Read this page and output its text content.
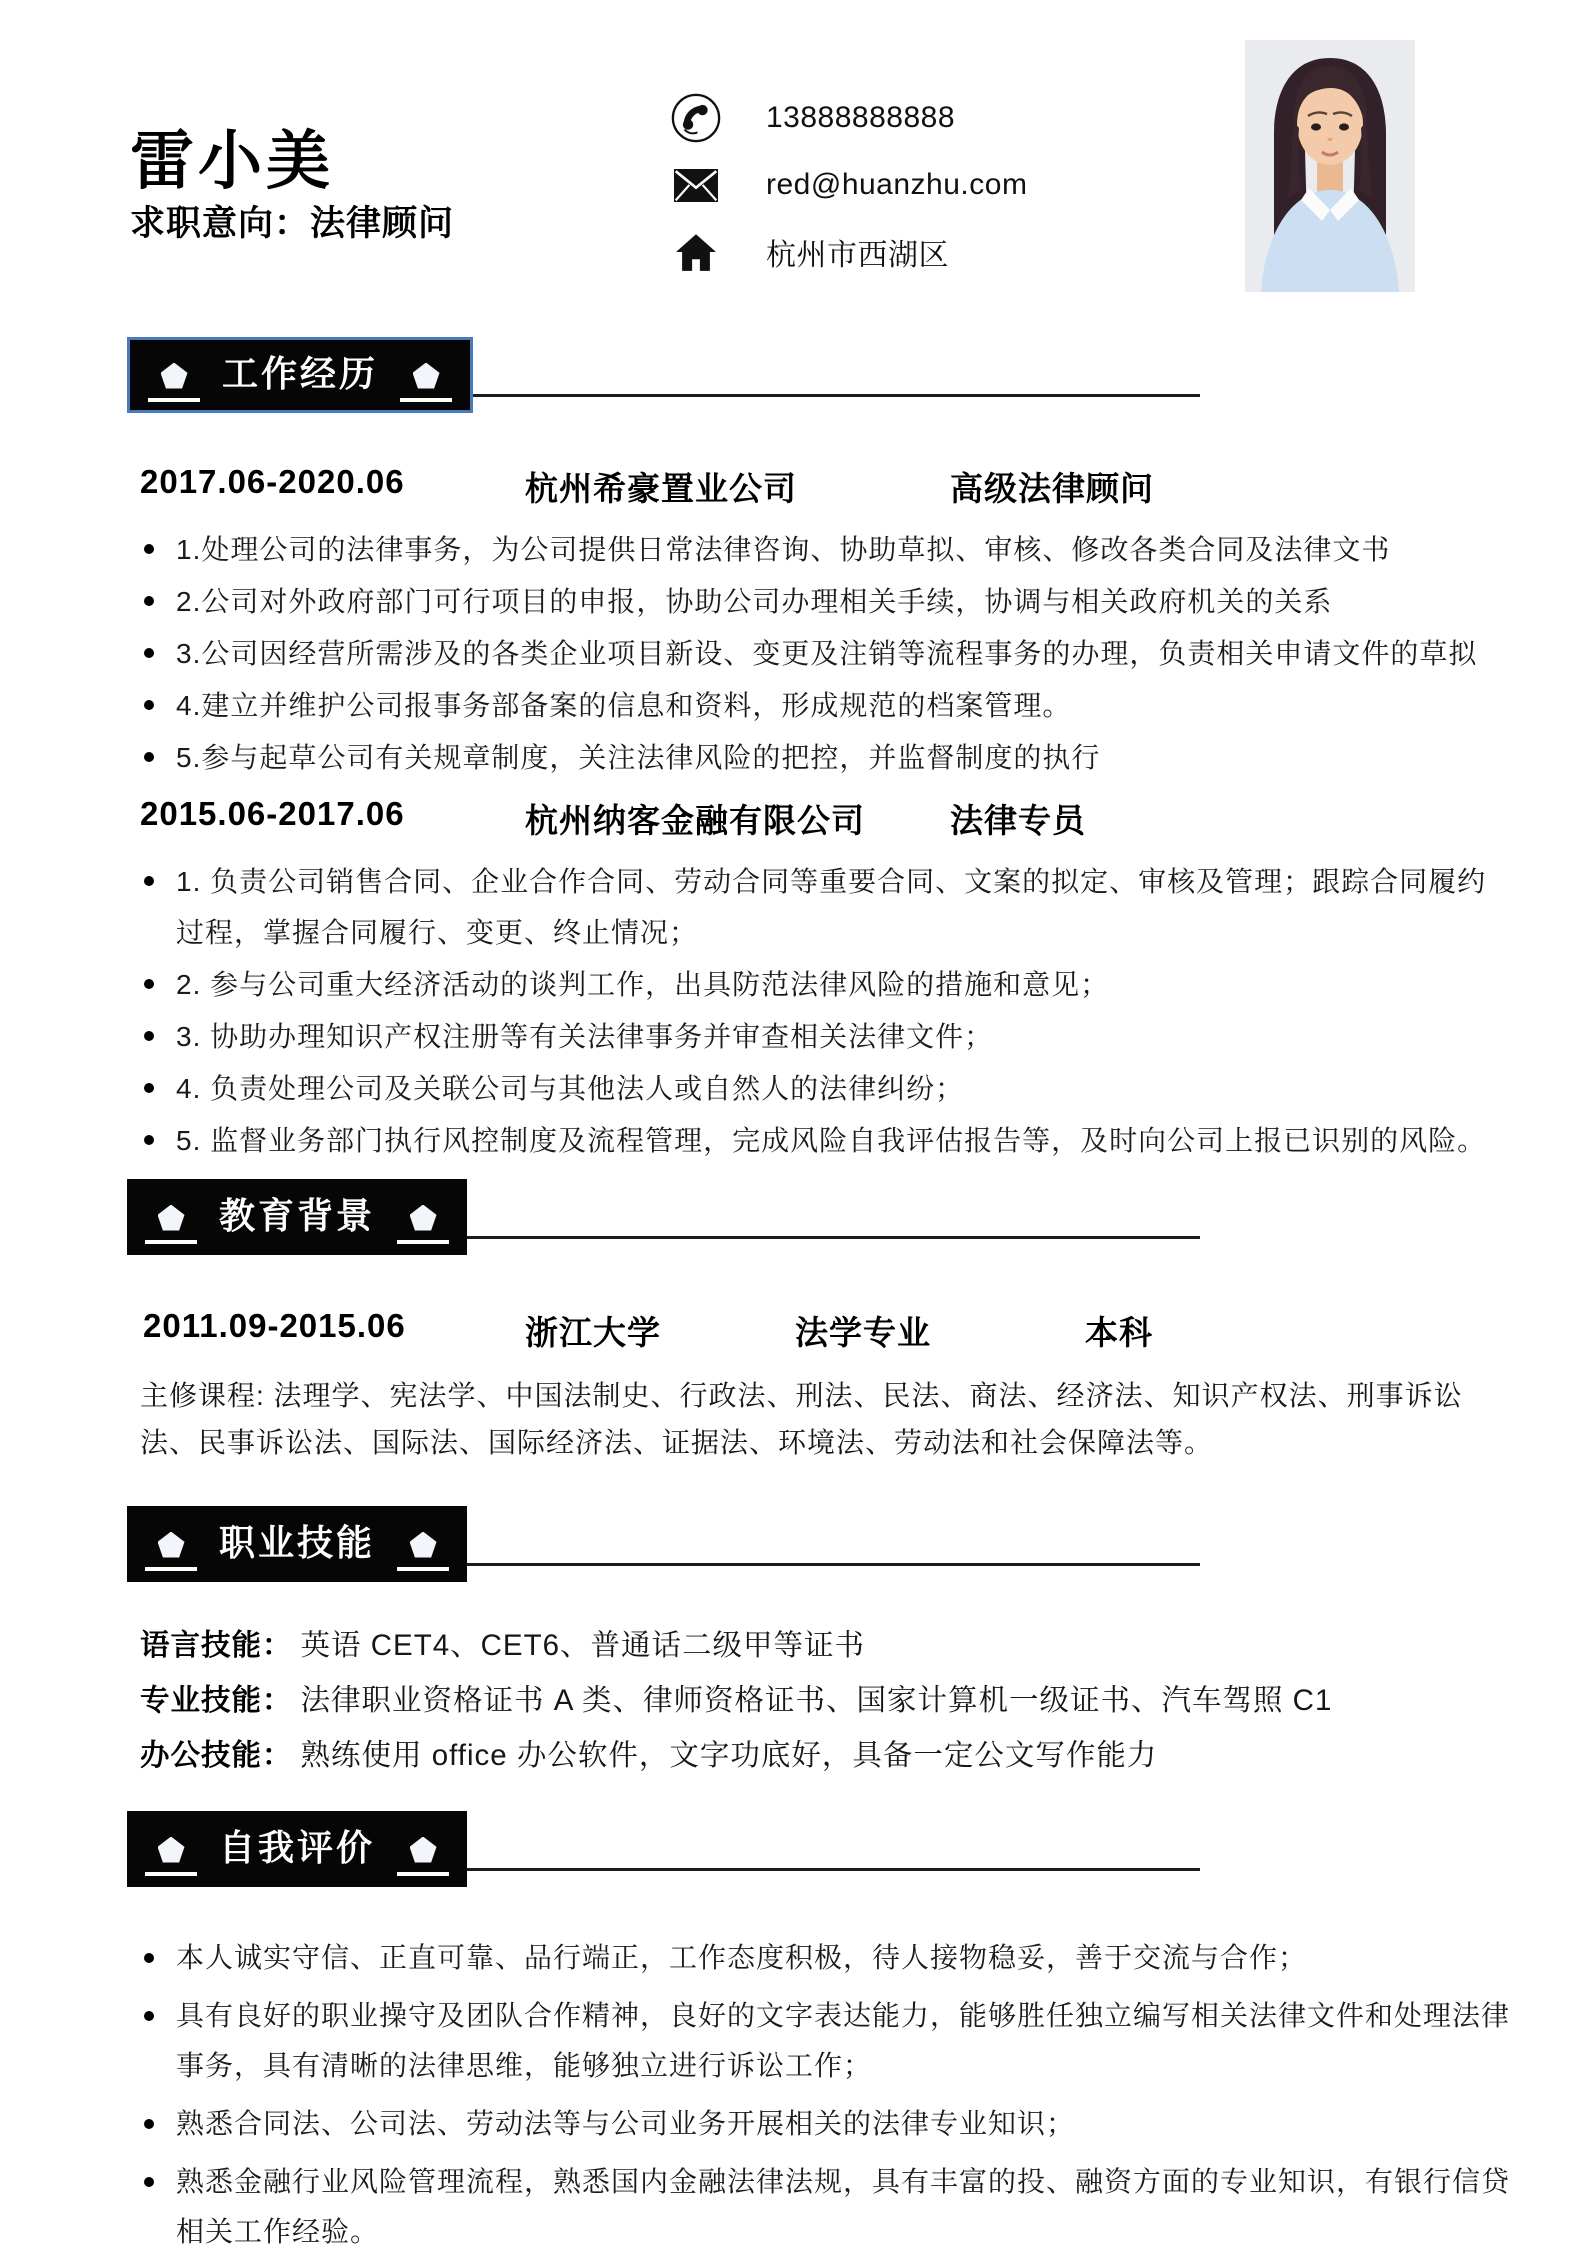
雷小美
求职意向：法律顾问
13888888888
red@huanzhu.com
杭州市西湖区
工作经历
2017.06-2020.06	杭州希豪置业公司	高级法律顾问
1.处理公司的法律事务，为公司提供日常法律咨询、协助草拟、审核、修改各类合同及法律文书
2.公司对外政府部门可行项目的申报，协助公司办理相关手续，协调与相关政府机关的关系
3.公司因经营所需涉及的各类企业项目新设、变更及注销等流程事务的办理，负责相关申请文件的草拟
4.建立并维护公司报事务部备案的信息和资料，形成规范的档案管理。
5.参与起草公司有关规章制度，关注法律风险的把控，并监督制度的执行
2015.06-2017.06	杭州纳客金融有限公司	法律专员
1. 负责公司销售合同、企业合作合同、劳动合同等重要合同、文案的拟定、审核及管理；跟踪合同履约过程，掌握合同履行、变更、终止情况；
2. 参与公司重大经济活动的谈判工作，出具防范法律风险的措施和意见；
3. 协助办理知识产权注册等有关法律事务并审查相关法律文件；
4. 负责处理公司及关联公司与其他法人或自然人的法律纠纷；
5. 监督业务部门执行风控制度及流程管理，完成风险自我评估报告等，及时向公司上报已识别的风险。
教育背景
2011.09-2015.06	浙江大学	法学专业	本科
主修课程: 法理学、宪法学、中国法制史、行政法、刑法、民法、商法、经济法、知识产权法、刑事诉讼法、民事诉讼法、国际法、国际经济法、证据法、环境法、劳动法和社会保障法等。
职业技能
语言技能： 英语 CET4、CET6、普通话二级甲等证书
专业技能： 法律职业资格证书 A 类、律师资格证书、国家计算机一级证书、汽车驾照 C1
办公技能： 熟练使用 office 办公软件，文字功底好，具备一定公文写作能力
自我评价
本人诚实守信、正直可靠、品行端正，工作态度积极，待人接物稳妥，善于交流与合作；
具有良好的职业操守及团队合作精神，良好的文字表达能力，能够胜任独立编写相关法律文件和处理法律事务，具有清晰的法律思维，能够独立进行诉讼工作；
熟悉合同法、公司法、劳动法等与公司业务开展相关的法律专业知识；
熟悉金融行业风险管理流程，熟悉国内金融法律法规，具有丰富的投、融资方面的专业知识，有银行信贷相关工作经验。
